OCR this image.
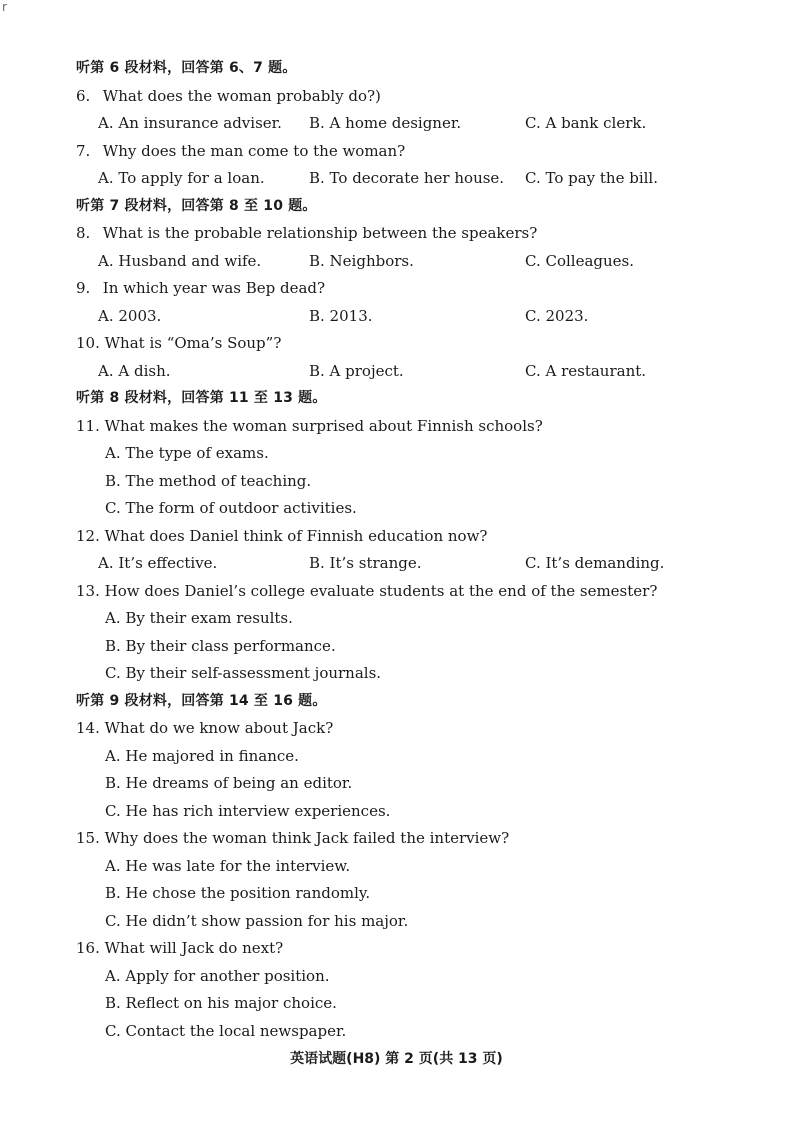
r
听第 6 段材料，回答第 6、7 题。
6. What does the woman probably do?)
A. An insurance adviser. B. A home designer.	C. A bank clerk.
7. Why does the man come to the woman?
A. To apply for a loan.	B. To decorate her house. C. To pay the bill.
听第 7 段材料，回答第 8 至 10 题。
8. What is the probable relationship between the speakers?
A. Husband and wife.	B. Neighbors.	C. Colleagues.
9. In which year was Bep dead?
A. 2003.	B. 2013.	C. 2023.
10. What is “Oma’s Soup”?
A. A dish.	B. A project.	C. A restaurant.
听第 8 段材料，回答第 11 至 13 题。
11. What makes the woman surprised about Finnish schools?
A. The type of exams.
B. The method of teaching.
C. The form of outdoor activities.
12. What does Daniel think of Finnish education now?
A. It’s effective.	B. It’s strange.	C. It’s demanding.
13. How does Daniel’s college evaluate students at the end of the semester?
A. By their exam results.
B. By their class performance.
C. By their self-assessment journals.
听第 9 段材料，回答第 14 至 16 题。
14. What do we know about Jack?
A. He majored in finance.
B. He dreams of being an editor.
C. He has rich interview experiences.
15. Why does the woman think Jack failed the interview?
A. He was late for the interview.
B. He chose the position randomly.
C. He didn’t show passion for his major.
16. What will Jack do next?
A. Apply for another position.
B. Reflect on his major choice.
C. Contact the local newspaper.
英语试题(H8) 第 2 页(共 13 页)
